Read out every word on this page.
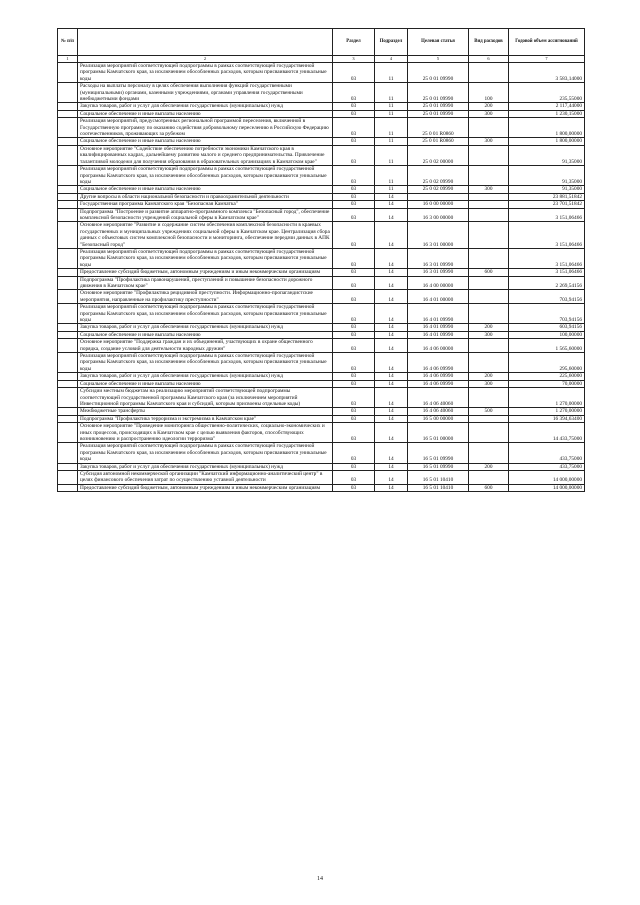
№ п/п		Раздел	Подраздел	Целевая статья	Вид расходов	Годовой объем ассигнований
1	2	3	4	5	6	7
	Реализация мероприятий соответствующей подпрограммы в рамках соответствующей государственной программы Камчатского края, за исключением обособленных расходов, которым присваиваются уникальные коды	03	11	25 0 01 09990		3 583,14000
	Расходы на выплаты персоналу в целях обеспечения выполнения функций государственными (муниципальными) органами, казенными учреждениями, органами управления государственными внебюджетными фондами	03	11	25 0 01 09990	100	235,55000
	Закупка товаров, работ и услуг для обеспечения государственных (муниципальных) нужд	03	11	25 0 01 09990	200	2 117,44000
	Социальное обеспечение и иные выплаты населению	03	11	25 0 01 09990	300	1 230,15000
	Реализация мероприятий, предусмотренных региональной программой переселения, включенной в Государственную программу по оказанию содействия добровольному переселению в Российскую Федерацию соотечественников, проживающих за рубежом	03	11	25 0 01 R0860		1 800,00000
	Социальное обеспечение и иные выплаты населению	03	11	25 0 01 R0860	300	1 800,00000
	Основное мероприятие "Содействие обеспечению потребности экономики Камчатского края в квалифицированных кадрах, дальнейшему развитию малого и среднего предпринимательства. Привлечение талантливой молодежи для получения образования в образовательных организациях в Камчатском крае"	03	11	25 0 02 00000		91,35000
	Реализация мероприятий соответствующей подпрограммы в рамках соответствующей государственной программы Камчатского края, за исключением обособленных расходов, которым присваиваются уникальные коды	03	11	25 0 02 09990		91,35000
	Социальное обеспечение и иные выплаты населению	03	11	25 0 02 09990	300	91,35000
	Другие вопросы в области национальной безопасности и правоохранительной деятельности	03	14			23 881,51842
	Государственная программа Камчатского края "Безопасная Камчатка"	03	14	16 0 00 00000		23 701,51842
	Подпрограмма "Построение и развитие аппаратно-программного комплекса "Безопасный город", обеспечение комплексной безопасности учреждений социальной сферы в Камчатском крае"	03	14	16 3 00 00000		3 151,06466
	Основное мероприятие "Развитие и содержание систем обеспечения комплексной безопасности в краевых государственных и муниципальных учреждениях социальной сферы в Камчатском крае. Централизация сбора данных с объектовых систем комплексной безопасности и мониторинга, обеспечение передачи данных в АПК "Безопасный город"	03	14	16 3 01 00000		3 151,06466
	Реализация мероприятий соответствующей подпрограммы в рамках соответствующей государственной программы Камчатского края, за исключением обособленных расходов, которым присваиваются уникальные коды	03	14	16 3 01 09990		3 151,06466
	Предоставление субсидий бюджетным, автономным учреждениям и иным некоммерческим организациям	03	14	16 3 01 09990	600	3 151,06466
	Подпрограмма "Профилактика правонарушений, преступлений и повышение безопасности дорожного движения в Камчатском крае"	03	14	16 4 00 00000		2 269,54156
	Основное мероприятие "Профилактика рецидивной преступности. Информационно-пропагандистские мероприятия, направленные на профилактику преступности"	03	14	16 4 01 00000		703,94156
	Реализация мероприятий соответствующей подпрограммы в рамках соответствующей государственной программы Камчатского края, за исключением обособленных расходов, которым присваиваются уникальные коды	03	14	16 4 01 09990		703,94156
	Закупка товаров, работ и услуг для обеспечения государственных (муниципальных) нужд	03	14	16 4 01 09990	200	603,94156
	Социальное обеспечение и иные выплаты населению	03	14	16 4 01 09990	300	100,00000
	Основное мероприятие "Поддержка граждан и их объединений, участвующих в охране общественного порядка, создание условий для деятельности народных дружин"	03	14	16 4 06 00000		1 565,60000
	Реализация мероприятий соответствующей подпрограммы в рамках соответствующей государственной программы Камчатского края, за исключением обособленных расходов, которым присваиваются уникальные коды	03	14	16 4 06 09990		295,60000
	Закупка товаров, работ и услуг для обеспечения государственных (муниципальных) нужд	03	14	16 4 06 09990	200	225,60000
	Социальное обеспечение и иные выплаты населению	03	14	16 4 06 09990	300	70,00000
	Субсидии местным бюджетам на реализацию мероприятий соответствующей подпрограммы соответствующей государственной программы Камчатского края (за исключением мероприятий Инвестиционной программы Камчатского края и субсидий, которым присвоены отдельные коды)	03	14	16 4 06 40060		1 270,00000
	Межбюджетные трансферты	03	14	16 4 06 40060	500	1 270,00000
	Подпрограмма "Профилактика терроризма и экстремизма в Камчатском крае"	03	14	16 5 00 00000		16 394,63400
	Основное мероприятие "Проведение мониторинга общественно-политических, социально-экономических и иных процессов, происходящих в Камчатском крае с целью выявления факторов, способствующих возникновению и распространению идеологии терроризма"	03	14	16 5 01 00000		14 433,75000
	Реализация мероприятий соответствующей подпрограммы в рамках соответствующей государственной программы Камчатского края, за исключением обособленных расходов, которым присваиваются уникальные коды	03	14	16 5 01 09990		433,75000
	Закупка товаров, работ и услуг для обеспечения государственных (муниципальных) нужд	03	14	16 5 01 09990	200	433,75000
	Субсидия автономной некоммерческой организации "Камчатский информационно-аналитический центр" в целях финансового обеспечения затрат по осуществлению уставной деятельности	03	14	16 5 01 10410		14 000,00000
	Предоставление субсидий бюджетным, автономным учреждениям и иным некоммерческим организациям	03	14	16 5 01 10410	600	14 000,00000
14
